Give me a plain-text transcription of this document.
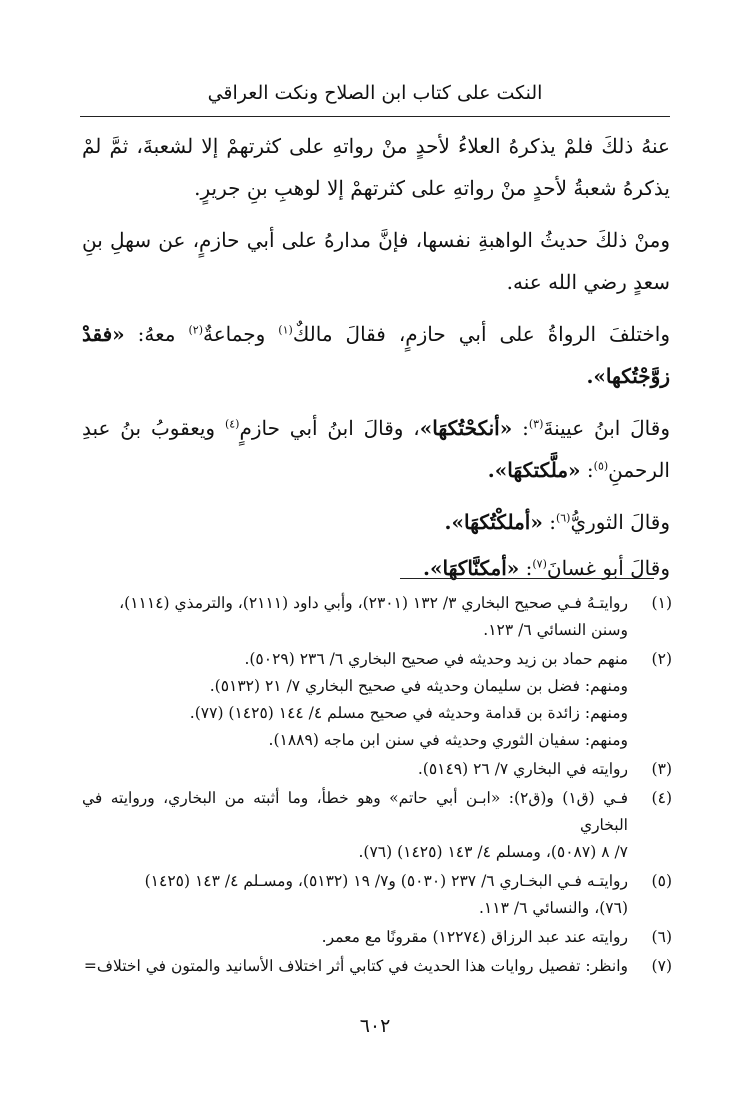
النكت على كتاب ابن الصلاح ونكت العراقي

عنهُ ذلكَ فلمْ يذكرهُ العلاءُ لأحدٍ منْ رواتهِ على كثرتهمْ إلا لشعبةَ، ثمَّ لمْ يذكرهُ شعبةُ لأحدٍ منْ رواتهِ على كثرتهمْ إلا لوهبِ بنِ جريرٍ.

ومنْ ذلكَ حديثُ الواهبةِ نفسها، فإنَّ مدارهُ على أبي حازمٍ، عن سهلِ بنِ سعدٍ رضي الله عنه.

واختلفَ الرواةُ على أبي حازمٍ، فقالَ مالكٌ$^{(١)}$ وجماعةٌ$^{(٢)}$ معهُ: «فقدْ زوَّجْتُكها».

وقالَ ابنُ عيينةَ$^{(٣)}$: «أنكحْتُكهَا»، وقالَ ابنُ أبي حازمٍ$^{(٤)}$ ويعقوبُ بنُ عبدِ الرحمنِ$^{(٥)}$: «ملَّكتكهَا».

وقالَ الثوريُّ$^{(٦)}$: «أملكْتُكهَا».

وقالَ أبو غسانَ$^{(٧)}$: «أمكنَّاكهَا».

(١)
روايتـهُ فـي صحيح البخاري ٣/ ١٣٢ (٢٣٠١)، وأبي داود (٢١١١)، والترمذي (١١١٤)،
وسنن النسائي ٦/ ١٢٣.
(٢)
منهم حماد بن زيد وحديثه في صحيح البخاري ٦/ ٢٣٦ (٥٠٢٩).
ومنهم: فضل بن سليمان وحديثه في صحيح البخاري ٧/ ٢١ (٥١٣٢).
ومنهم: زائدة بن قدامة وحديثه في صحيح مسلم ٤/ ١٤٤ (١٤٢٥) (٧٧).
ومنهم: سفيان الثوري وحديثه في سنن ابن ماجه (١٨٨٩).
(٣)
روايته في البخاري ٧/ ٢٦ (٥١٤٩).
(٤)
فـي (ق١) و(ق٢): «ابـن أبي حاتم» وهو خطأ، وما أثبته من البخاري، وروايته في البخاري
٧/ ٨ (٥٠٨٧)، ومسلم ٤/ ١٤٣ (١٤٢٥) (٧٦).
(٥)
روايتـه فـي البخـاري ٦/ ٢٣٧ (٥٠٣٠) و٧/ ١٩ (٥١٣٢)، ومسـلم ٤/ ١٤٣ (١٤٢٥)
(٧٦)، والنسائي ٦/ ١١٣.
(٦)
روايته عند عبد الرزاق (١٢٢٧٤) مقرونًا مع معمر.
(٧)
وانظر: تفصيل روايات هذا الحديث في كتابي أثر اختلاف الأسانيد والمتون في اختلاف=
٦٠٢
